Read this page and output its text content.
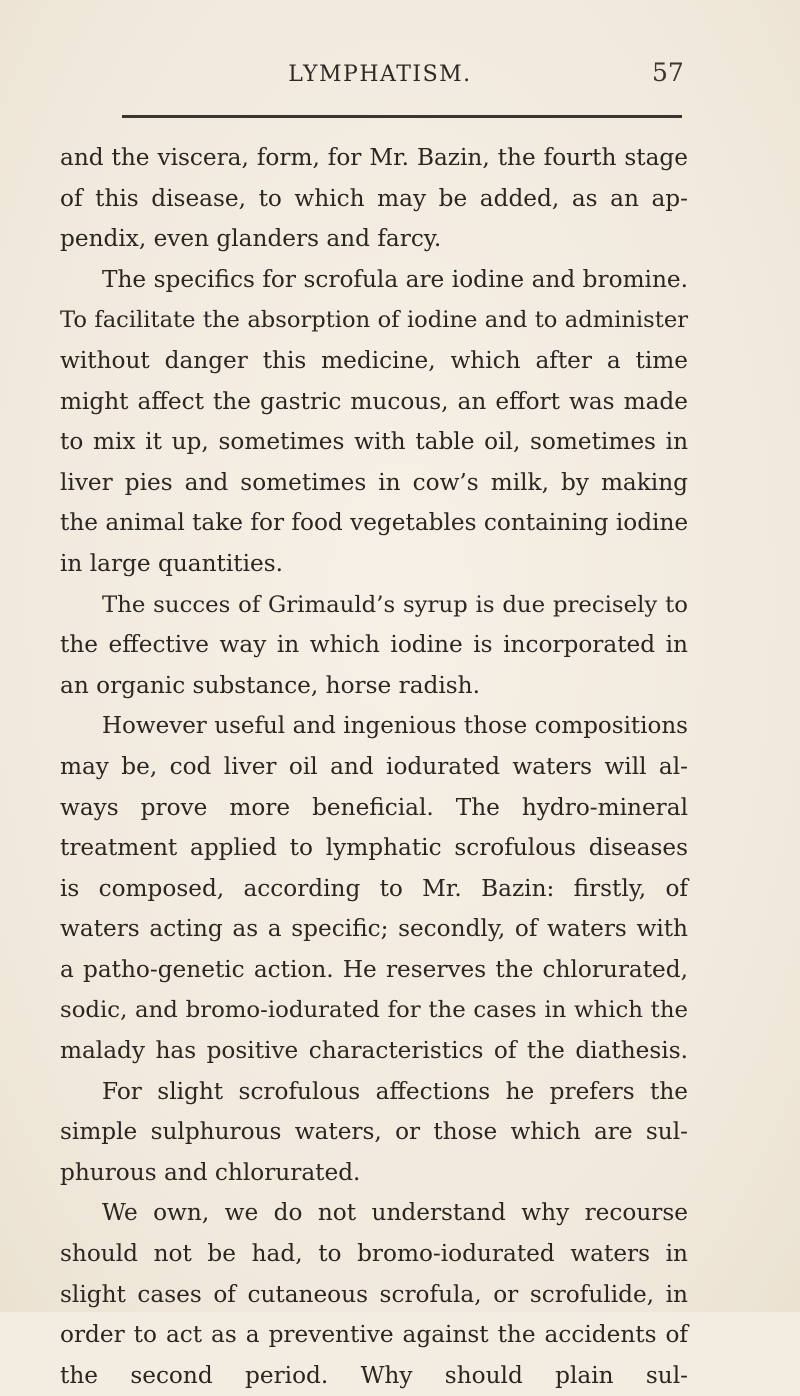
LYMPHATISM.	57

and the viscera, form, for Mr. Bazin, the fourth stage

of this disease, to which may be added, as an ap-

pendix, even glanders and farcy.

The specifics for scrofula are iodine and bromine.

To facilitate the absorption of iodine and to administer

without danger this medicine, which after a time

might affect the gastric mucous, an effort was made

to mix it up, sometimes with table oil, sometimes in

liver pies and sometimes in cow’s milk, by making

the animal take for food vegetables containing iodine

in large quantities.

The succes of Grimauld’s syrup is due precisely to

the effective way in which iodine is incorporated in

an organic substance, horse radish.

However useful and ingenious those compositions

may be, cod liver oil and iodurated waters will al-

ways prove more beneficial. The hydro-mineral

treatment applied to lymphatic scrofulous diseases

is composed, according to Mr. Bazin: firstly, of

waters acting as a specific; secondly, of waters with

a patho-genetic action. He reserves the chlorurated,

sodic, and bromo-iodurated for the cases in which the

malady has positive characteristics of the diathesis.

For slight scrofulous affections he prefers the

simple sulphurous waters, or those which are sul-

phurous and chlorurated.

We own, we do not understand why recourse

should not be had, to bromo-iodurated waters in

slight cases of cutaneous scrofula, or scrofulide, in

order to act as a preventive against the accidents of

the second period. Why should plain sul-
